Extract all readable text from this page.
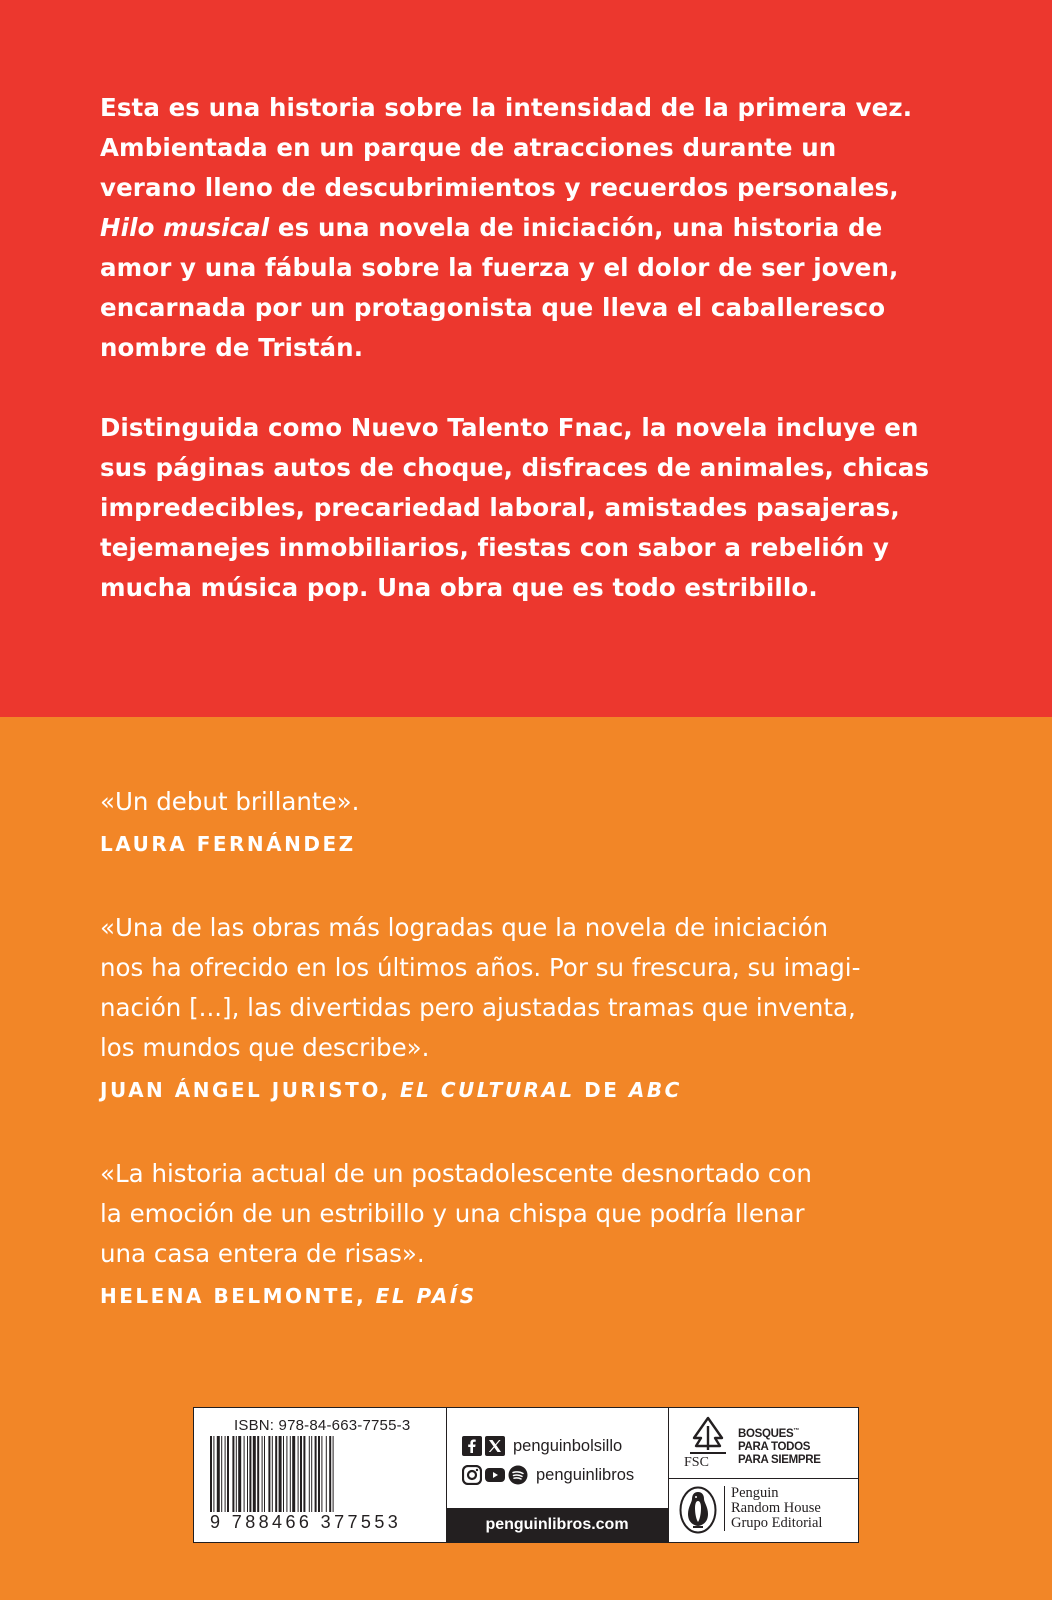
Esta es una historia sobre la intensidad de la primera vez.
Ambientada en un parque de atracciones durante un
verano lleno de descubrimientos y recuerdos personales,
Hilo musical es una novela de iniciación, una historia de
amor y una fábula sobre la fuerza y el dolor de ser joven,
encarnada por un protagonista que lleva el caballeresco
nombre de Tristán.

Distinguida como Nuevo Talento Fnac, la novela incluye en
sus páginas autos de choque, disfraces de animales, chicas
impredecibles, precariedad laboral, amistades pasajeras,
tejemanejes inmobiliarios, fiestas con sabor a rebelión y
mucha música pop. Una obra que es todo estribillo.

«Un debut brillante».
LAURA FERNÁNDEZ
«Una de las obras más logradas que la novela de iniciación
nos ha ofrecido en los últimos años. Por su frescura, su imagi-
nación [...], las divertidas pero ajustadas tramas que inventa,
los mundos que describe».
JUAN ÁNGEL JURISTO, EL CULTURAL DE ABC
«La historia actual de un postadolescente desnortado con
la emoción de un estribillo y una chispa que podría llenar
una casa entera de risas».
HELENA BELMONTE, EL PAÍS
ISBN: 978-84-663-7755-3
9 788466 377553
penguinbolsillo
penguinlibros
penguinlibros.com
FSC
BOSQUES™
PARA TODOS
PARA SIEMPRE
Penguin
Random House
Grupo Editorial
